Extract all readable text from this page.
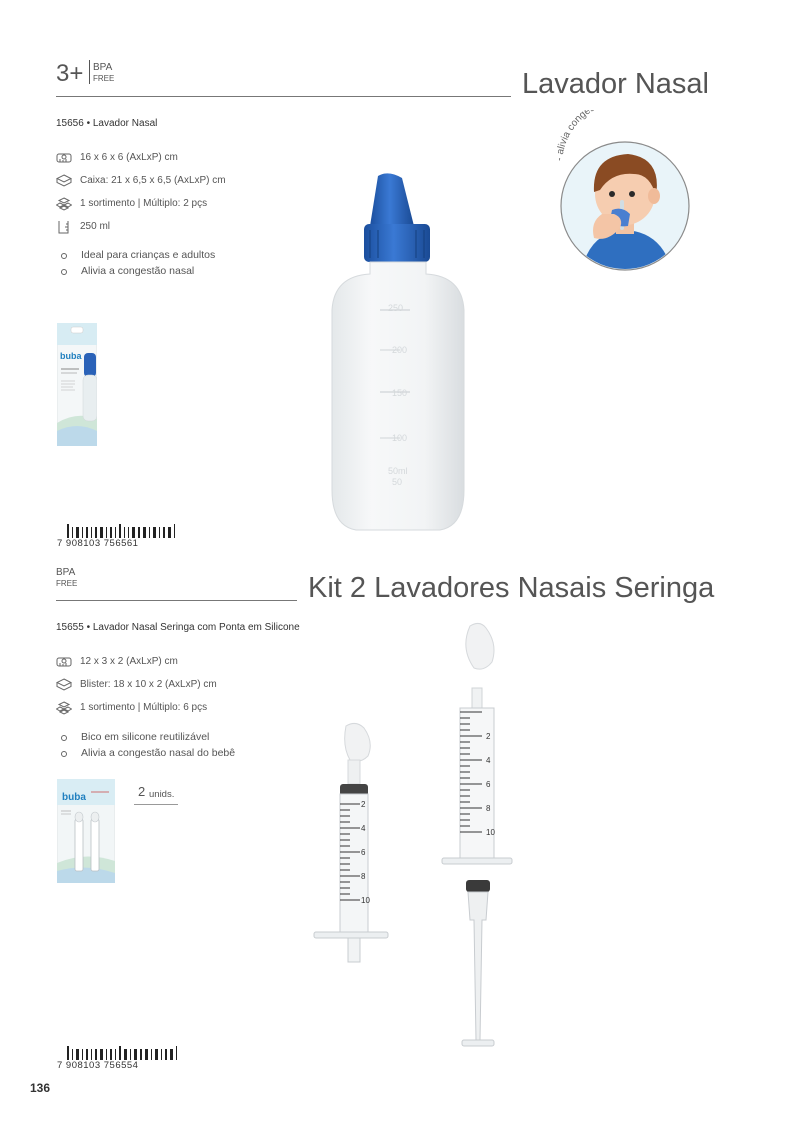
3+ BPA
FREE	Lavador Nasal
15656 • Lavador Nasal
16 x 6 x 6 (AxLxP) cm
Caixa: 21 x 6,5 x 6,5 (AxLxP) cm
1 sortimento | Múltiplo: 2 pçs
250 ml
Ideal para crianças e adultos
Alivia a congestão nasal
buba
7 908103 756561
250
200
150
100
50ml
50
- alivia conge
BPA
FREE	Kit 2 Lavadores Nasais Seringa
15655 • Lavador Nasal Seringa com Ponta em Silicone
12 x 3 x 2 (AxLxP) cm
Blister: 18 x 10 x 2 (AxLxP) cm
1 sortimento | Múltiplo: 6 pçs
Bico em silicone reutilizável
Alivia a congestão nasal do bebê
buba	2 unids.
7 908103 756554
2
4
6
8
10
2
4
6
8
10
136
